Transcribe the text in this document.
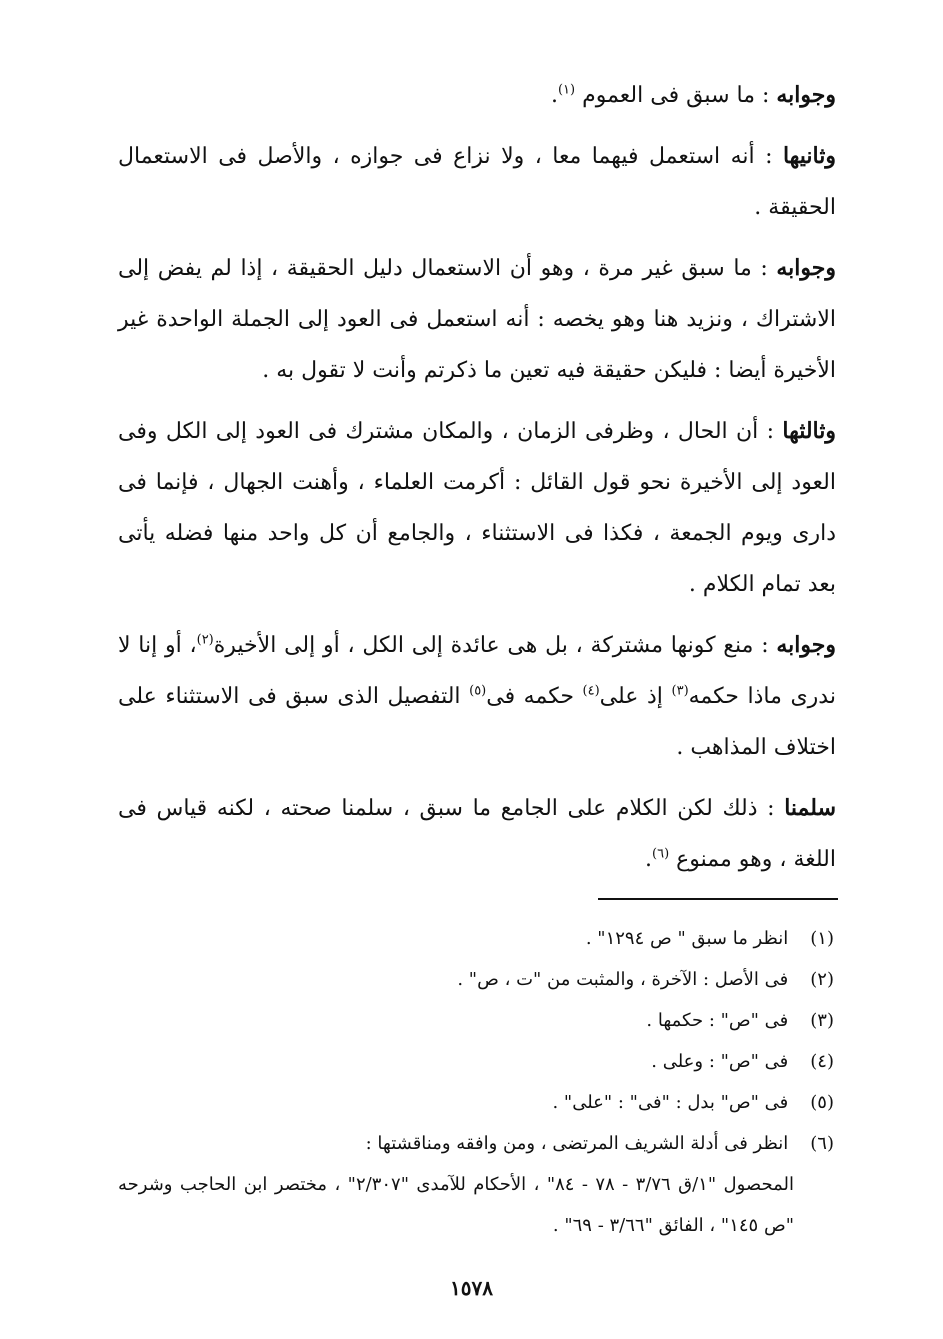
وجوابه : ما سبق فى العموم $^{(١)}$.

وثانيها : أنه استعمل فيهما معا ، ولا نزاع فى جوازه ، والأصل فى الاستعمال الحقيقة .

وجوابه : ما سبق غير مرة ، وهو أن الاستعمال دليل الحقيقة ، إذا لم يفض إلى الاشتراك ، ونزيد هنا وهو يخصه : أنه استعمل فى العود إلى الجملة الواحدة غير الأخيرة أيضا : فليكن حقيقة فيه تعين ما ذكرتم وأنت لا تقول به .

وثالثها : أن الحال ، وظرفى الزمان ، والمكان مشترك فى العود إلى الكل وفى العود إلى الأخيرة نحو قول القائل : أكرمت العلماء ، وأهنت الجهال ، فإنما فى دارى ويوم الجمعة ، فكذا فى الاستثناء ، والجامع أن كل واحد منها فضله يأتى بعد تمام الكلام .

وجوابه : منع كونها مشتركة ، بل هى عائدة إلى الكل ، أو إلى الأخيرة$^{(٢)}$، أو إنا لا ندرى ماذا حكمه$^{(٣)}$ إذ على$^{(٤)}$ حكمه فى$^{(٥)}$ التفصيل الذى سبق فى الاستثناء على اختلاف المذاهب .

سلمنا : ذلك لكن الكلام على الجامع ما سبق ، سلمنا صحته ، لكنه قياس فى اللغة ، وهو ممنوع $^{(٦)}$.

(١) انظر ما سبق " ص ١٢٩٤" .

(٢) فى الأصل : الآخرة ، والمثبت من "ت ، ص" .

(٣) فى "ص" : حكمها .

(٤) فى "ص" : وعلى .

(٥) فى "ص" بدل : "فى" : "على" .

(٦) انظر فى أدلة الشريف المرتضى ، ومن وافقه ومناقشتها :

المحصول "١/ق ٣/٧٦ - ٧٨ - ٨٤" ، الأحكام للآمدى "٢/٣٠٧" ، مختصر ابن الحاجب وشرحه "ص ١٤٥" ، الفائق "٣/٦٦ - ٦٩" .

١٥٧٨
